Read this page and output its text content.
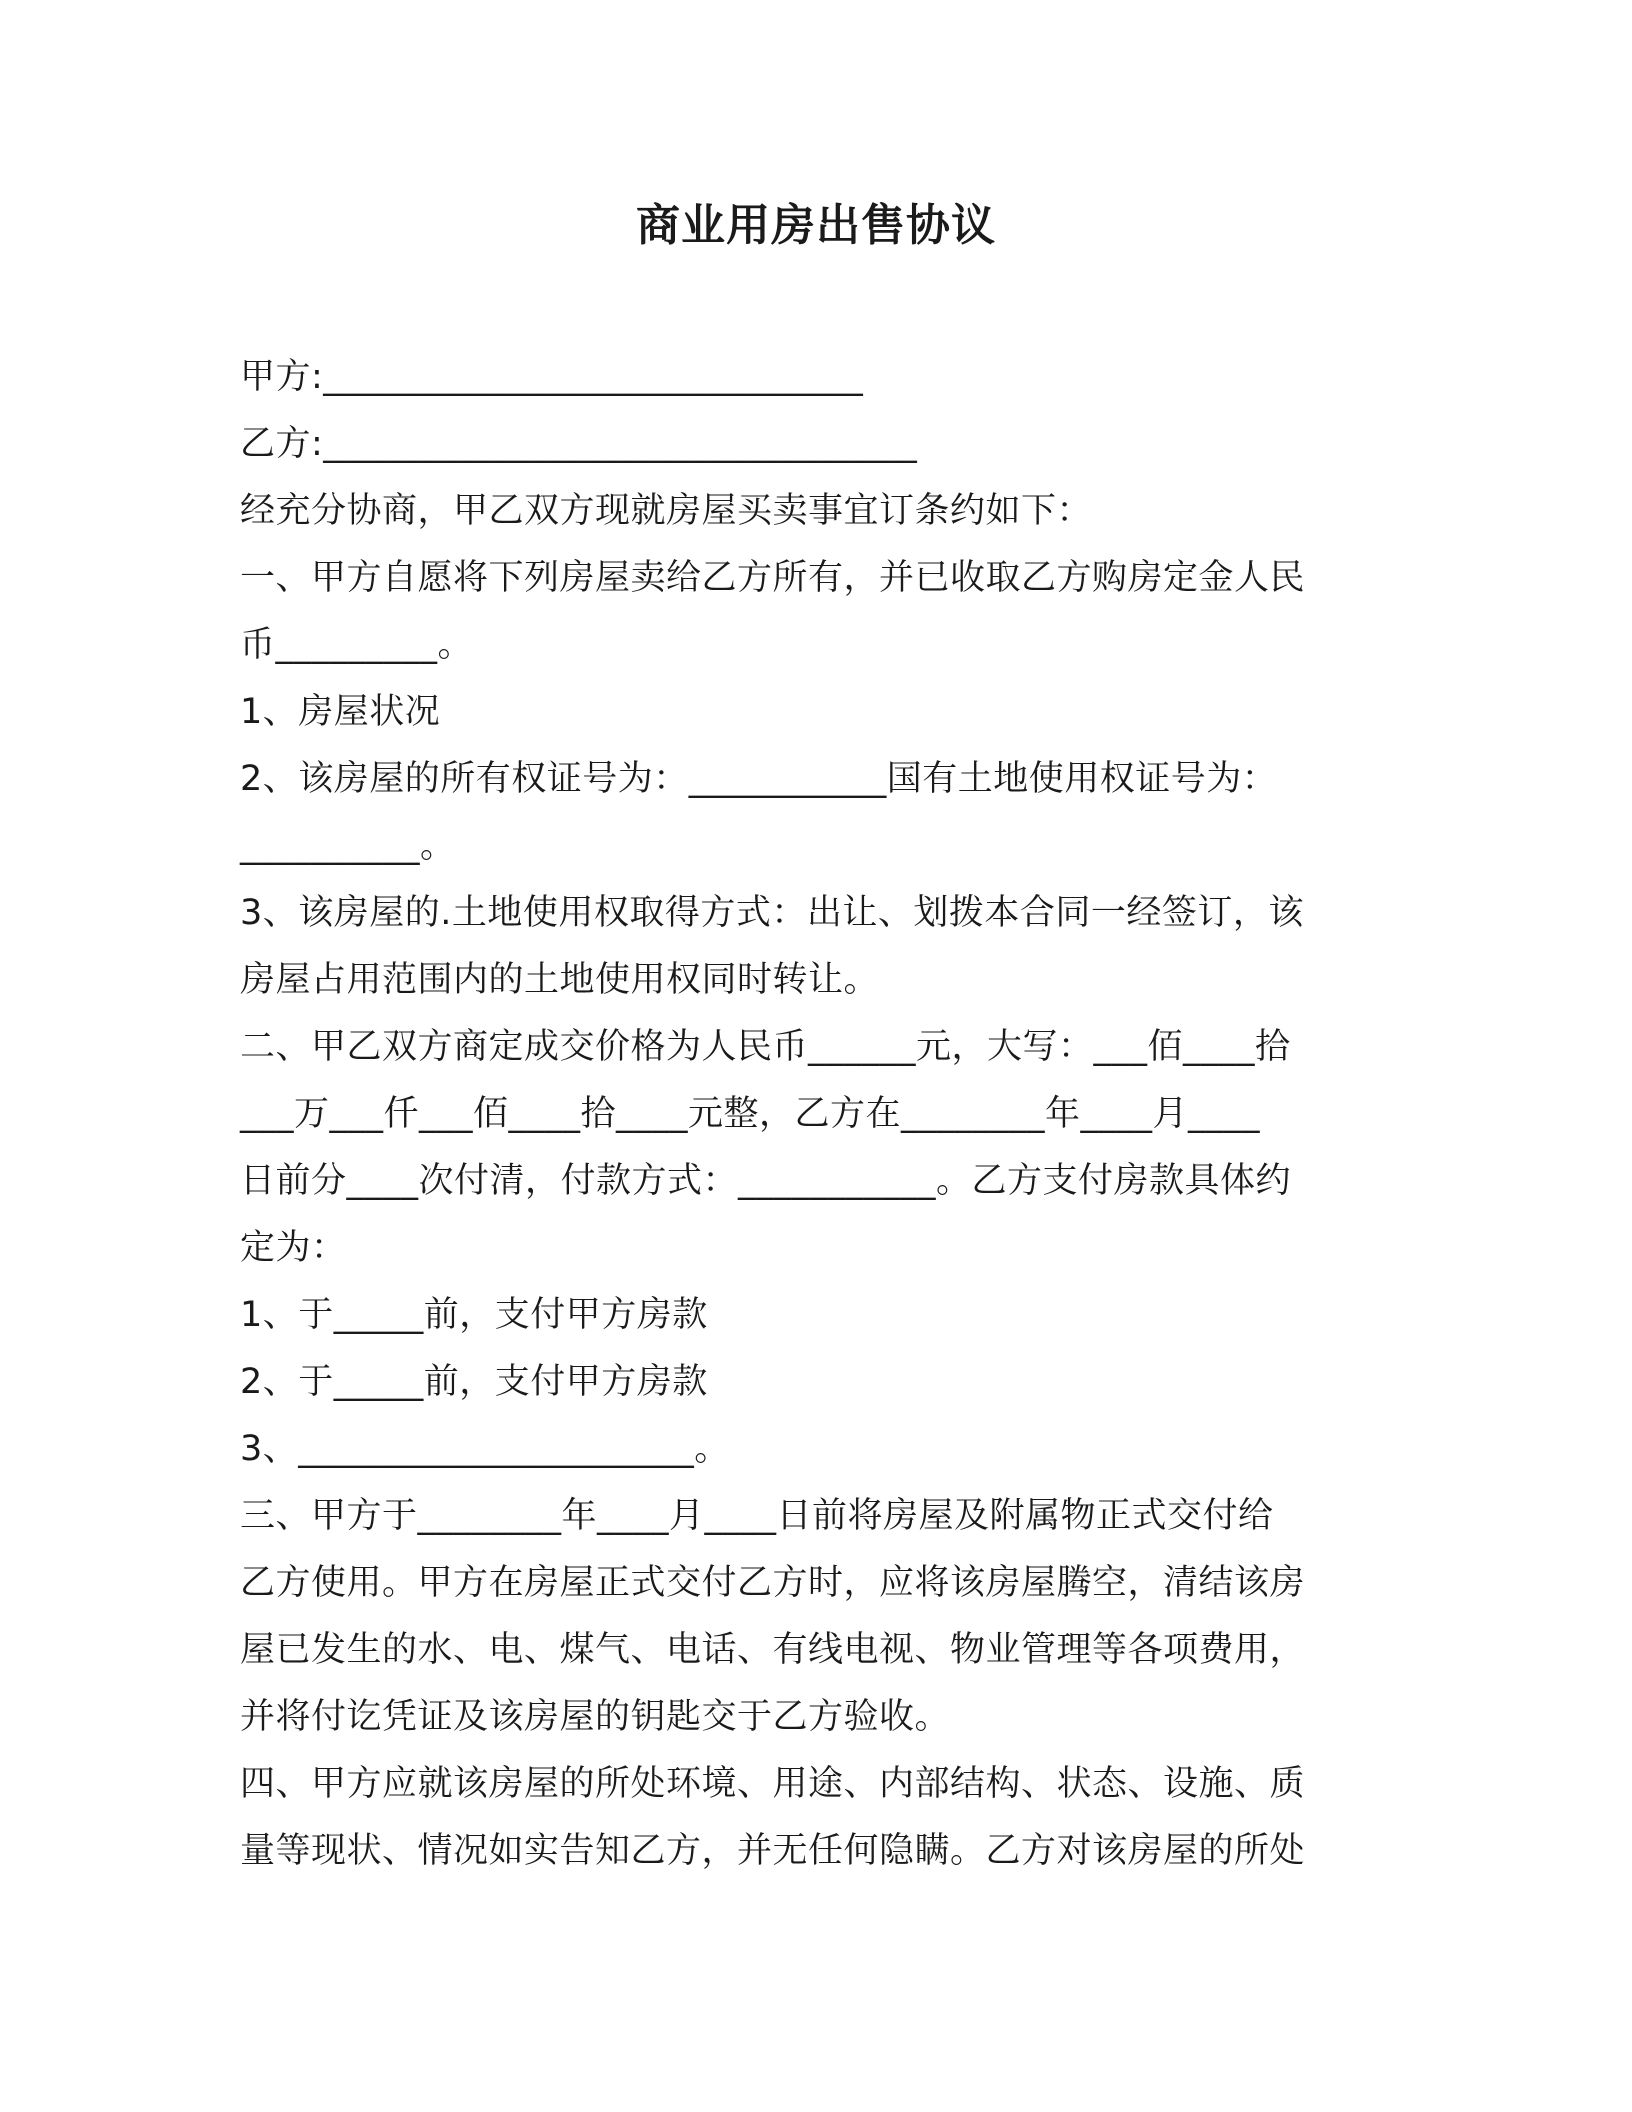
商业用房出售协议
甲方:______________________________
乙方:_________________________________
经充分协商，甲乙双方现就房屋买卖事宜订条约如下：
一、甲方自愿将下列房屋卖给乙方所有，并已收取乙方购房定金人民
币_________。
1、房屋状况
2、该房屋的所有权证号为：___________国有土地使用权证号为：
__________。
3、该房屋的.土地使用权取得方式：出让、划拨本合同一经签订，该
房屋占用范围内的土地使用权同时转让。
二、甲乙双方商定成交价格为人民币______元，大写：___佰____拾
___万___仟___佰____拾____元整，乙方在________年____月____
日前分____次付清，付款方式：___________。乙方支付房款具体约
定为：
1、于_____前，支付甲方房款
2、于_____前，支付甲方房款
3、______________________。
三、甲方于________年____月____日前将房屋及附属物正式交付给
乙方使用。甲方在房屋正式交付乙方时，应将该房屋腾空，清结该房
屋已发生的水、电、煤气、电话、有线电视、物业管理等各项费用，
并将付讫凭证及该房屋的钥匙交于乙方验收。
四、甲方应就该房屋的所处环境、用途、内部结构、状态、设施、质
量等现状、情况如实告知乙方，并无任何隐瞒。乙方对该房屋的所处
